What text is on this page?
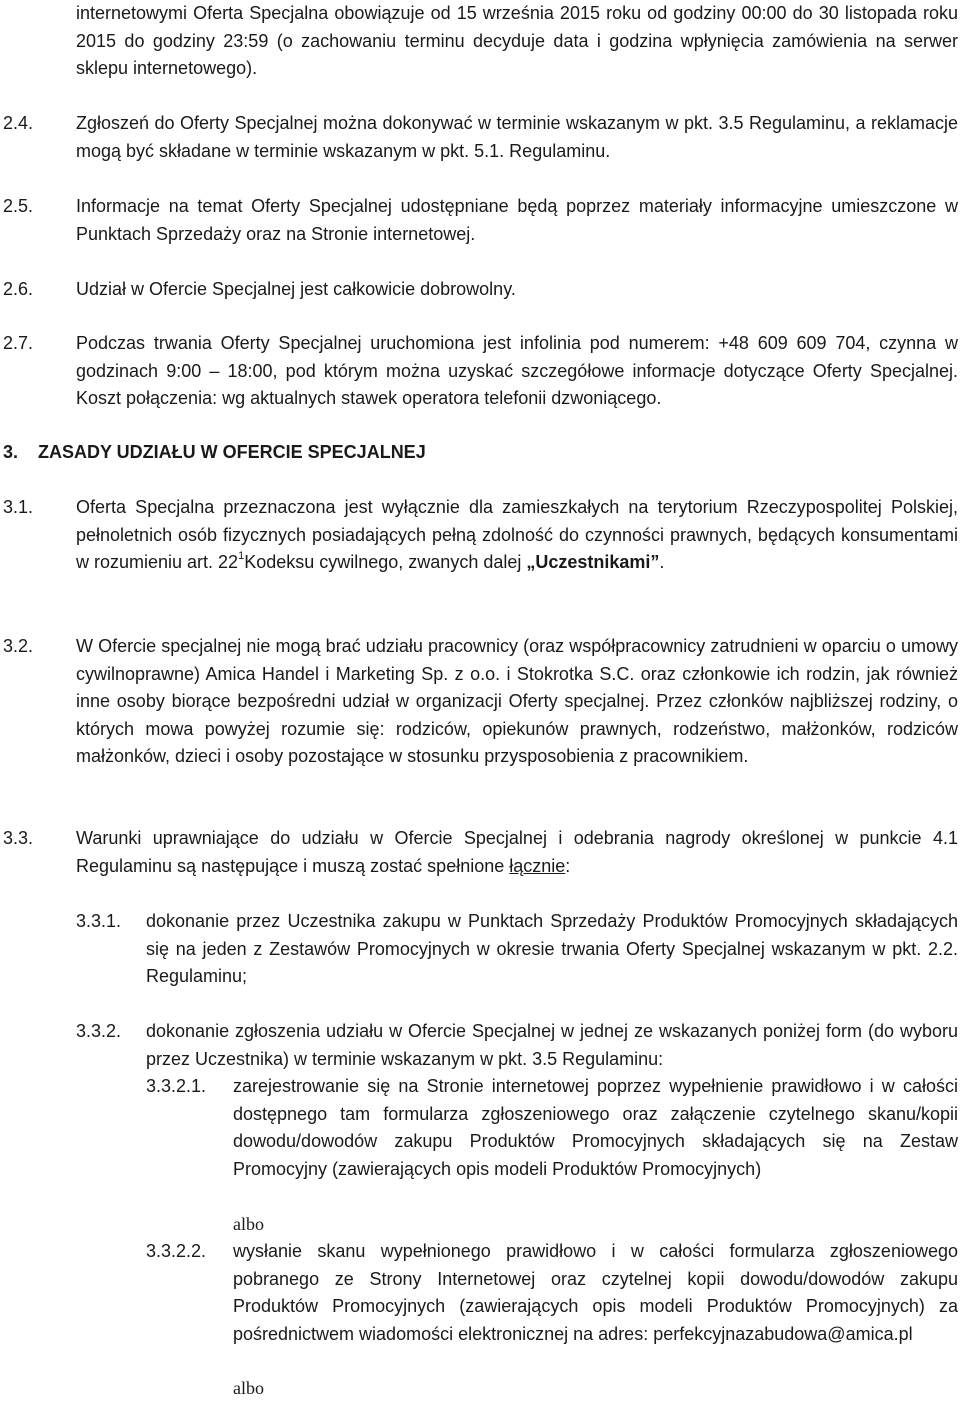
internetowymi Oferta Specjalna obowiązuje od 15 września 2015 roku od godziny 00:00 do 30 listopada roku 2015 do godziny 23:59 (o zachowaniu terminu decyduje data i godzina wpłynięcia zamówienia na serwer sklepu internetowego).

2.4. Zgłoszeń do Oferty Specjalnej można dokonywać w terminie wskazanym w pkt. 3.5 Regulaminu, a reklamacje mogą być składane w terminie wskazanym w pkt. 5.1. Regulaminu.

2.5. Informacje na temat Oferty Specjalnej udostępniane będą poprzez materiały informacyjne umieszczone w Punktach Sprzedaży oraz na Stronie internetowej.

2.6. Udział w Ofercie Specjalnej jest całkowicie dobrowolny.

2.7. Podczas trwania Oferty Specjalnej uruchomiona jest infolinia pod numerem: +48 609 609 704, czynna w godzinach 9:00 – 18:00, pod którym można uzyskać szczegółowe informacje dotyczące Oferty Specjalnej. Koszt połączenia: wg aktualnych stawek operatora telefonii dzwoniącego.

3. ZASADY UDZIAŁU W OFERCIE SPECJALNEJ
3.1. Oferta Specjalna przeznaczona jest wyłącznie dla zamieszkałych na terytorium Rzeczypospolitej Polskiej, pełnoletnich osób fizycznych posiadających pełną zdolność do czynności prawnych, będących konsumentami w rozumieniu art. $22^1Kodeksu$ cywilnego, zwanych dalej „Uczestnikami”.

3.2. W Ofercie specjalnej nie mogą brać udziału pracownicy (oraz współpracownicy zatrudnieni w oparciu o umowy cywilnoprawne) Amica Handel i Marketing Sp. z o.o. i Stokrotka S.C. oraz członkowie ich rodzin, jak również inne osoby biorące bezpośredni udział w organizacji Oferty specjalnej. Przez członków najbliższej rodziny, o których mowa powyżej rozumie się: rodziców, opiekunów prawnych, rodzeństwo, małżonków, rodziców małżonków, dzieci i osoby pozostające w stosunku przysposobienia z pracownikiem.

3.3. Warunki uprawniające do udziału w Ofercie Specjalnej i odebrania nagrody określonej w punkcie 4.1 Regulaminu są następujące i muszą zostać spełnione łącznie:

3.3.1. dokonanie przez Uczestnika zakupu w Punktach Sprzedaży Produktów Promocyjnych składających się na jeden z Zestawów Promocyjnych w okresie trwania Oferty Specjalnej wskazanym w pkt. 2.2. Regulaminu;

3.3.2. dokonanie zgłoszenia udziału w Ofercie Specjalnej w jednej ze wskazanych poniżej form (do wyboru przez Uczestnika) w terminie wskazanym w pkt. 3.5 Regulaminu:

3.3.2.1. zarejestrowanie się na Stronie internetowej poprzez wypełnienie prawidłowo i w całości dostępnego tam formularza zgłoszeniowego oraz załączenie czytelnego skanu/kopii dowodu/dowodów zakupu Produktów Promocyjnych składających się na Zestaw Promocyjny (zawierających opis modeli Produktów Promocyjnych)

albo
3.3.2.2. wysłanie skanu wypełnionego prawidłowo i w całości formularza zgłoszeniowego pobranego ze Strony Internetowej oraz czytelnej kopii dowodu/dowodów zakupu Produktów Promocyjnych (zawierających opis modeli Produktów Promocyjnych) za pośrednictwem wiadomości elektronicznej na adres: perfekcyjnazabudowa@amica.pl

albo
